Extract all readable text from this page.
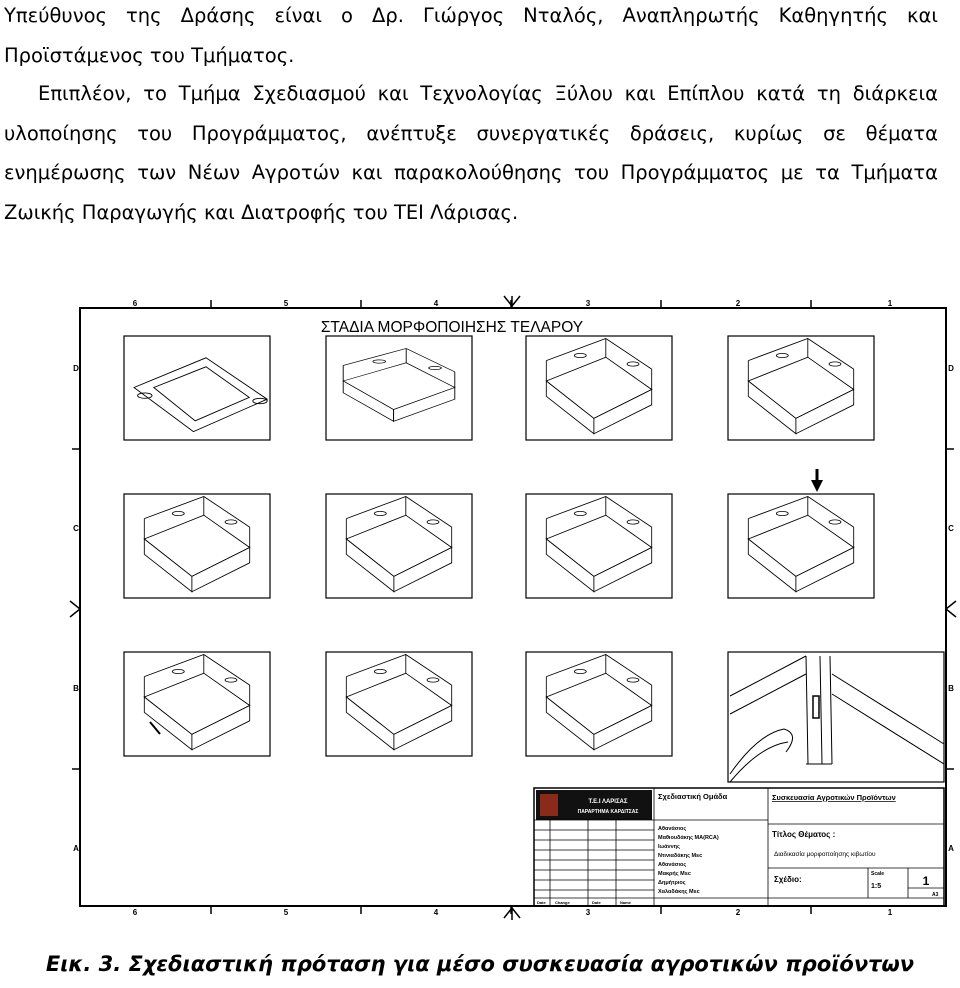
Υπεύθυνος της Δράσης είναι ο Δρ. Γιώργος Νταλός, Αναπληρωτής Καθηγητής και
Προϊστάμενος του Τμήματος.
Επιπλέον, το Τμήμα Σχεδιασμού και Τεχνολογίας Ξύλου και Επίπλου κατά τη διάρκεια
υλοποίησης του Προγράμματος, ανέπτυξε συνεργατικές δράσεις, κυρίως σε θέματα
ενημέρωσης των Νέων Αγροτών και παρακολούθησης του Προγράμματος με τα Τμήματα
Ζωικής Παραγωγής και Διατροφής του ΤΕΙ Λάρισας.
6	5	4	3	2	1
6	5	4	3	2	1
D
C
B
A
D
C
B
A
ΣΤΑΔΙΑ ΜΟΡΦΟΠΟΙΗΣΗΣ ΤΕΛΑΡΟΥ
Τ.Ε.Ι ΛΑΡΙΣΑΣ
ΠΑΡΑΡΤΗΜΑ ΚΑΡΔΙΤΣΑΣ
Σχεδιαστική Ομάδα	Συσκευασία Αγροτικών Προϊόντων
Αθανάσιος
Μαθιουδάκης MA(RCA)
Ιωάννης
Ντινιαδάκης Msc
Αθανάσιος
Μακρής Msc
Δημήτριος
Χαλαδάκης Msc
Date Change	Date	Name
Τίτλος Θέματος :
Διαδικασία μορφοποίησης κιβωτίου
Σχέδιο:
Scale
1:5	1
A3
Εικ. 3. Σχεδιαστική πρόταση για μέσο συσκευασία αγροτικών προϊόντων
